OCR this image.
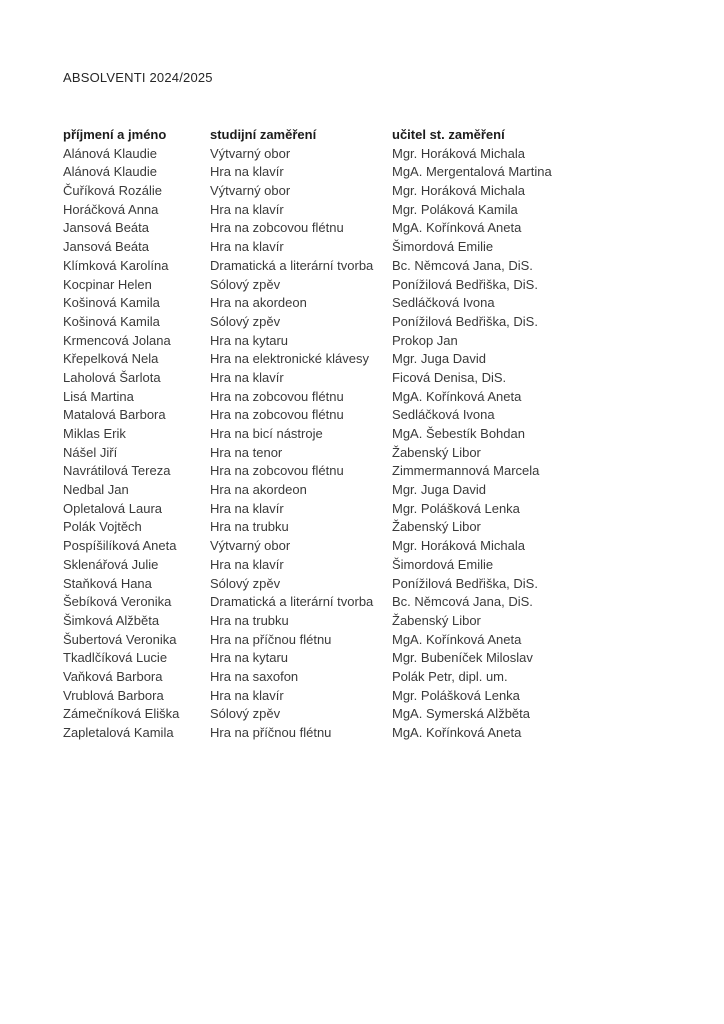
ABSOLVENTI 2024/2025
příjmení a jméno	studijní zaměření	učitel st. zaměření
Alánová Klaudie	Výtvarný obor	Mgr. Horáková Michala
Alánová Klaudie	Hra na klavír	MgA. Mergentalová Martina
Čuříková Rozálie	Výtvarný obor	Mgr. Horáková Michala
Horáčková Anna	Hra na klavír	Mgr. Poláková Kamila
Jansová Beáta	Hra na zobcovou flétnu	MgA. Kořínková Aneta
Jansová Beáta	Hra na klavír	Šimordová Emilie
Klímková Karolína	Dramatická a literární tvorba	Bc. Němcová Jana, DiS.
Kocpinar Helen	Sólový zpěv	Ponížilová Bedřiška, DiS.
Košinová Kamila	Hra na akordeon	Sedláčková Ivona
Košinová Kamila	Sólový zpěv	Ponížilová Bedřiška, DiS.
Krmencová Jolana	Hra na kytaru	Prokop Jan
Křepelková Nela	Hra na elektronické klávesy	Mgr. Juga David
Laholová Šarlota	Hra na klavír	Ficová Denisa, DiS.
Lisá Martina	Hra na zobcovou flétnu	MgA. Kořínková Aneta
Matalová Barbora	Hra na zobcovou flétnu	Sedláčková Ivona
Miklas Erik	Hra na bicí nástroje	MgA. Šebestík Bohdan
Nášel Jiří	Hra na tenor	Žabenský Libor
Navrátilová Tereza	Hra na zobcovou flétnu	Zimmermannová Marcela
Nedbal Jan	Hra na akordeon	Mgr. Juga David
Opletalová Laura	Hra na klavír	Mgr. Polášková Lenka
Polák Vojtěch	Hra na trubku	Žabenský Libor
Pospíšilíková Aneta	Výtvarný obor	Mgr. Horáková Michala
Sklenářová Julie	Hra na klavír	Šimordová Emilie
Staňková Hana	Sólový zpěv	Ponížilová Bedřiška, DiS.
Šebíková Veronika	Dramatická a literární tvorba	Bc. Němcová Jana, DiS.
Šimková Alžběta	Hra na trubku	Žabenský Libor
Šubertová Veronika	Hra na příčnou flétnu	MgA. Kořínková Aneta
Tkadlčíková Lucie	Hra na kytaru	Mgr. Bubeníček Miloslav
Vaňková Barbora	Hra na saxofon	Polák Petr, dipl. um.
Vrublová Barbora	Hra na klavír	Mgr. Polášková Lenka
Zámečníková Eliška	Sólový zpěv	MgA. Symerská Alžběta
Zapletalová Kamila	Hra na příčnou flétnu	MgA. Kořínková Aneta
